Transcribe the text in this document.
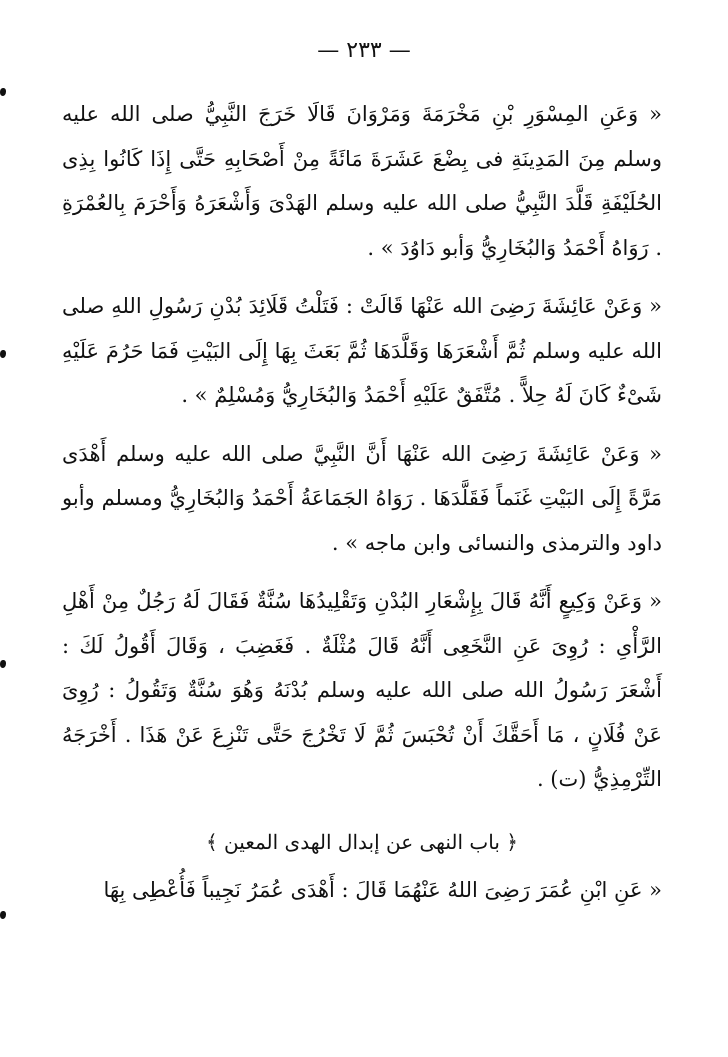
— ٢٣٣ —

« وَعَنِ المِسْوَرِ بْنِ مَخْرَمَةَ وَمَرْوَانَ قَالَا خَرَجَ النَّبِيُّ صلى الله عليه وسلم مِنَ المَدِينَةِ فى بِضْعَ عَشَرَةَ مَائَةً مِنْ أَصْحَابِهِ حَتَّى إِذَا كَانُوا بِذِى الحُلَيْفَةِ قَلَّدَ النَّبِيُّ صلى الله عليه وسلم الهَدْىَ وَأَشْعَرَهُ وَأَحْرَمَ بِالعُمْرَةِ . رَوَاهُ أَحْمَدُ وَالبُخَارِيُّ وَأبو دَاوُدَ » .

« وَعَنْ عَائِشَةَ رَضِىَ الله عَنْهَا قَالَتْ : فَتَلْتُ قَلَائِدَ بُدْنِ رَسُولِ اللهِ صلى الله عليه وسلم ثُمَّ أَشْعَرَهَا وَقَلَّدَهَا ثُمَّ بَعَثَ بِهَا إِلَى البَيْتِ فَمَا حَرُمَ عَلَيْهِ شَىْءٌ كَانَ لَهُ حِلاًّ . مُتَّفَقٌ عَلَيْهِ أَحْمَدُ وَالبُخَارِيُّ وَمُسْلِمٌ » .

« وَعَنْ عَائِشَةَ رَضِىَ الله عَنْهَا أَنَّ النَّبِيَّ صلى الله عليه وسلم أَهْدَى مَرَّةً إِلَى البَيْتِ غَنَماً فَقَلَّدَهَا . رَوَاهُ الجَمَاعَةُ أَحْمَدُ وَالبُخَارِيُّ ومسلم وأبو داود والترمذى والنسائى وابن ماجه » .

« وَعَنْ وَكِيعٍ أَنَّهُ قَالَ بِإِشْعَارِ البُدْنِ وَتَقْلِيدُهَا سُنَّةٌ فَقَالَ لَهُ رَجُلٌ مِنْ أَهْلِ الرَّأْىِ : رُوِىَ عَنِ النَّخَعِى أَنَّهُ قَالَ مُثْلَةٌ . فَغَضِبَ ، وَقَالَ أَقُولُ لَكَ : أَشْعَرَ رَسُولُ الله صلى الله عليه وسلم بُدْنَهُ وَهُوَ سُنَّةٌ وَتَقُولُ : رُوِىَ عَنْ فُلَانٍ ، مَا أَحَقَّكَ أَنْ تُحْبَسَ ثُمَّ لَا تَخْرُجَ حَتَّى تَنْزِعَ عَنْ هَذَا . أَخْرَجَهُ التِّرْمِذِيُّ (ت) .

﴿ باب النهى عن إبدال الهدى المعين ﴾

« عَنِ ابْنِ عُمَرَ رَضِىَ اللهُ عَنْهُمَا قَالَ : أَهْدَى عُمَرُ نَجِيباً فَأُعْطِى بِهَا
